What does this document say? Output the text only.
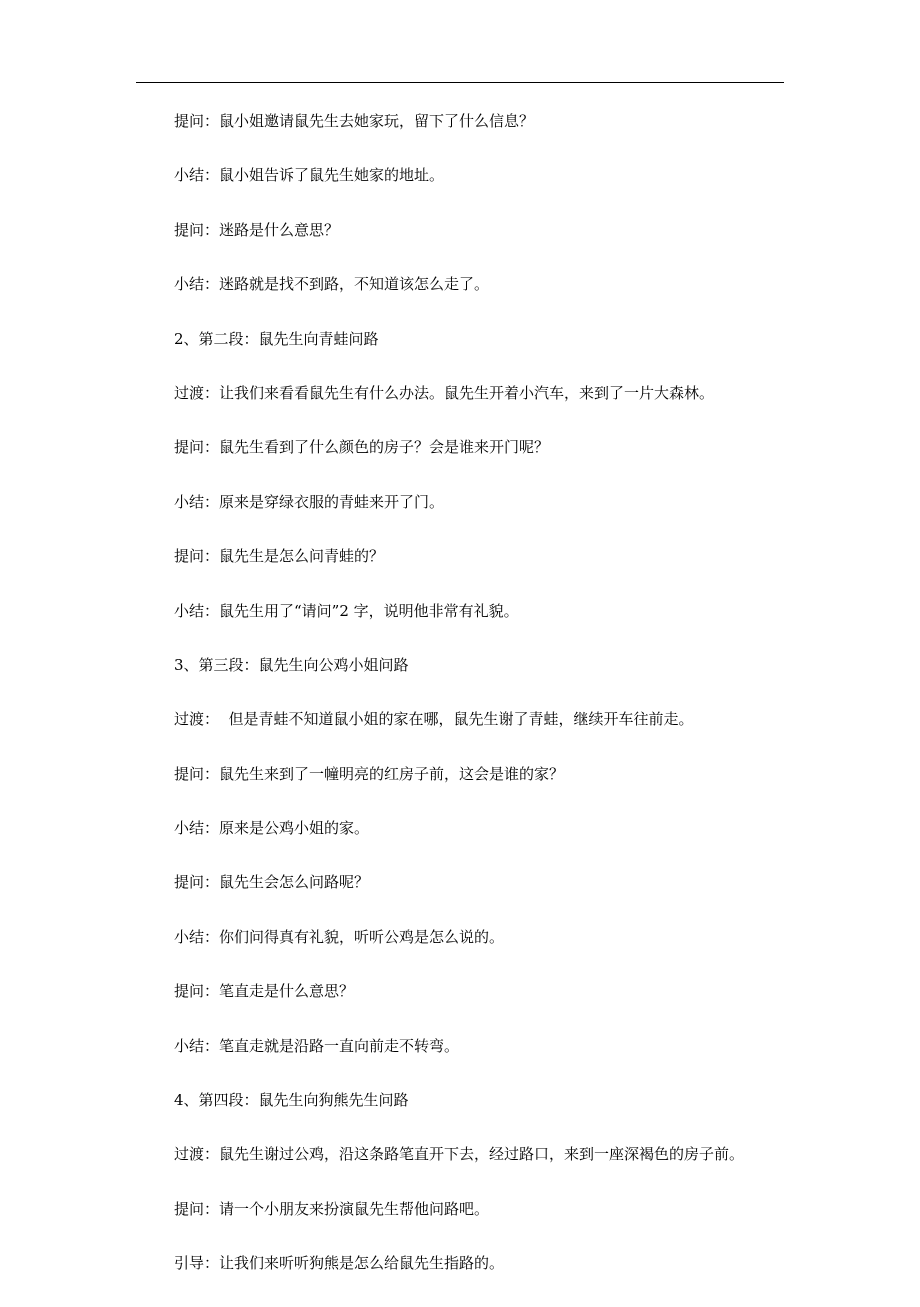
提问：鼠小姐邀请鼠先生去她家玩，留下了什么信息？
小结：鼠小姐告诉了鼠先生她家的地址。
提问：迷路是什么意思？
小结：迷路就是找不到路，不知道该怎么走了。
2、第二段：鼠先生向青蛙问路
过渡：让我们来看看鼠先生有什么办法。鼠先生开着小汽车，来到了一片大森林。
提问：鼠先生看到了什么颜色的房子？会是谁来开门呢？
小结：原来是穿绿衣服的青蛙来开了门。
提问：鼠先生是怎么问青蛙的？
小结：鼠先生用了“请问”2 字，说明他非常有礼貌。
3、第三段：鼠先生向公鸡小姐问路
过渡：  但是青蛙不知道鼠小姐的家在哪，鼠先生谢了青蛙，继续开车往前走。
提问：鼠先生来到了一幢明亮的红房子前，这会是谁的家？
小结：原来是公鸡小姐的家。
提问：鼠先生会怎么问路呢？
小结：你们问得真有礼貌，听听公鸡是怎么说的。
提问：笔直走是什么意思？
小结：笔直走就是沿路一直向前走不转弯。
4、第四段：鼠先生向狗熊先生问路
过渡：鼠先生谢过公鸡，沿这条路笔直开下去，经过路口，来到一座深褐色的房子前。
提问：请一个小朋友来扮演鼠先生帮他问路吧。
引导：让我们来听听狗熊是怎么给鼠先生指路的。
